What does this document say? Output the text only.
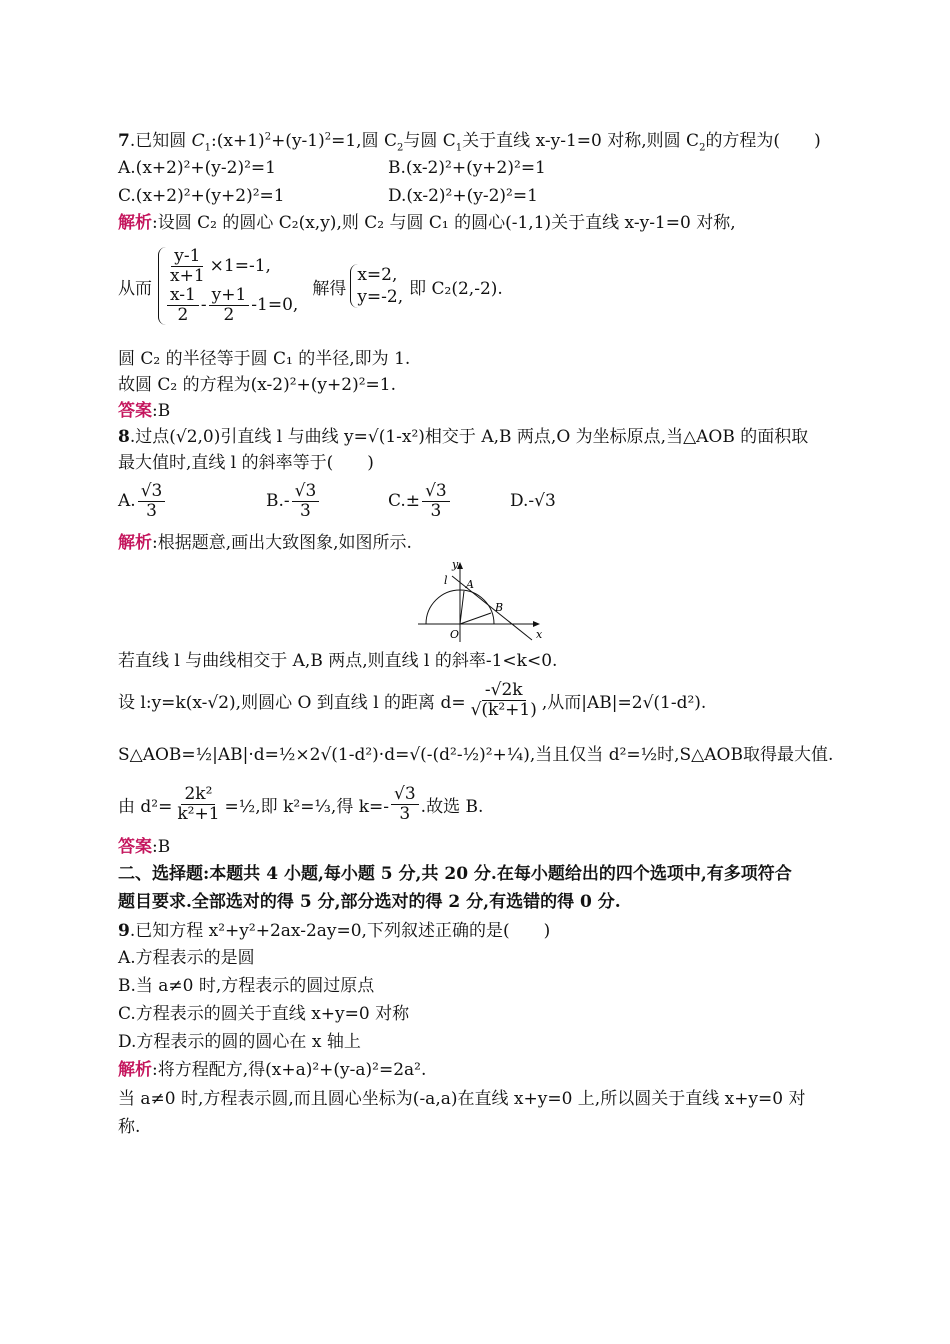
7.已知圆 $C_1:(x+1)^2+(y-1)^2=1$,圆 $C_2$与圆 $C_1$关于直线 x-y-1=0 对称,则圆 $C_2$的方程为(　　)
A.(x+2)²+(y-2)²=1	B.(x-2)²+(y+2)²=1
C.(x+2)²+(y+2)²=1	D.(x-2)²+(y-2)²=1
解析:设圆 C₂ 的圆心 C₂(x,y),则 C₂ 与圆 C₁ 的圆心(-1,1)关于直线 x-y-1=0 对称,
从而
$\frac{y-1}{x+1} \times 1=-1$,
$\frac{x-1}{2} - \frac{y+1}{2} -1=0$,
解得
x=2,
y=-2, 即 C₂(2,-2).
圆 C₂ 的半径等于圆 C₁ 的半径,即为 1.
故圆 C₂ 的方程为(x-2)²+(y+2)²=1.
答案:B
8.过点(√2,0)引直线 l 与曲线 y=√(1-x²)相交于 A,B 两点,O 为坐标原点,当△AOB 的面积取
最大值时,直线 l 的斜率等于(　　)
A. $\frac{√3}{3}$	$B.- \frac{√3}{3}$	$C.\pm \frac{√3}{3}$	D.-√3
解析:根据题意,画出大致图象,如图所示.
y
l A
B
O	x
若直线 l 与曲线相交于 A,B 两点,则直线 l 的斜率-1<k<0.
设 l:y=k(x-√2),则圆心 O 到直线 l 的距离 $d= \frac{-√2k}{\text{√(k²+1)}}$ ,从而|AB|=2√(1-d²).
S△AOB=½|AB|·d=½×2√(1-d²)·d=√(-(d²-½)²+¼),当且仅当 d²=½时,S△AOB取得最大值.
由 $d^2= \frac{\text{2k²}}{\text{k²+1}}$ =½,即 k²=⅓,得 $k=- \frac{√3}{3}$ .故选 B.
答案:B
二、选择题:本题共 4 小题,每小题 5 分,共 20 分.在每小题给出的四个选项中,有多项符合
题目要求.全部选对的得 5 分,部分选对的得 2 分,有选错的得 0 分.
9.已知方程 x²+y²+2ax-2ay=0,下列叙述正确的是(　　)
A.方程表示的是圆
B.当 a≠0 时,方程表示的圆过原点
C.方程表示的圆关于直线 x+y=0 对称
D.方程表示的圆的圆心在 x 轴上
解析:将方程配方,得(x+a)²+(y-a)²=2a².
当 a≠0 时,方程表示圆,而且圆心坐标为(-a,a)在直线 x+y=0 上,所以圆关于直线 x+y=0 对
称.
